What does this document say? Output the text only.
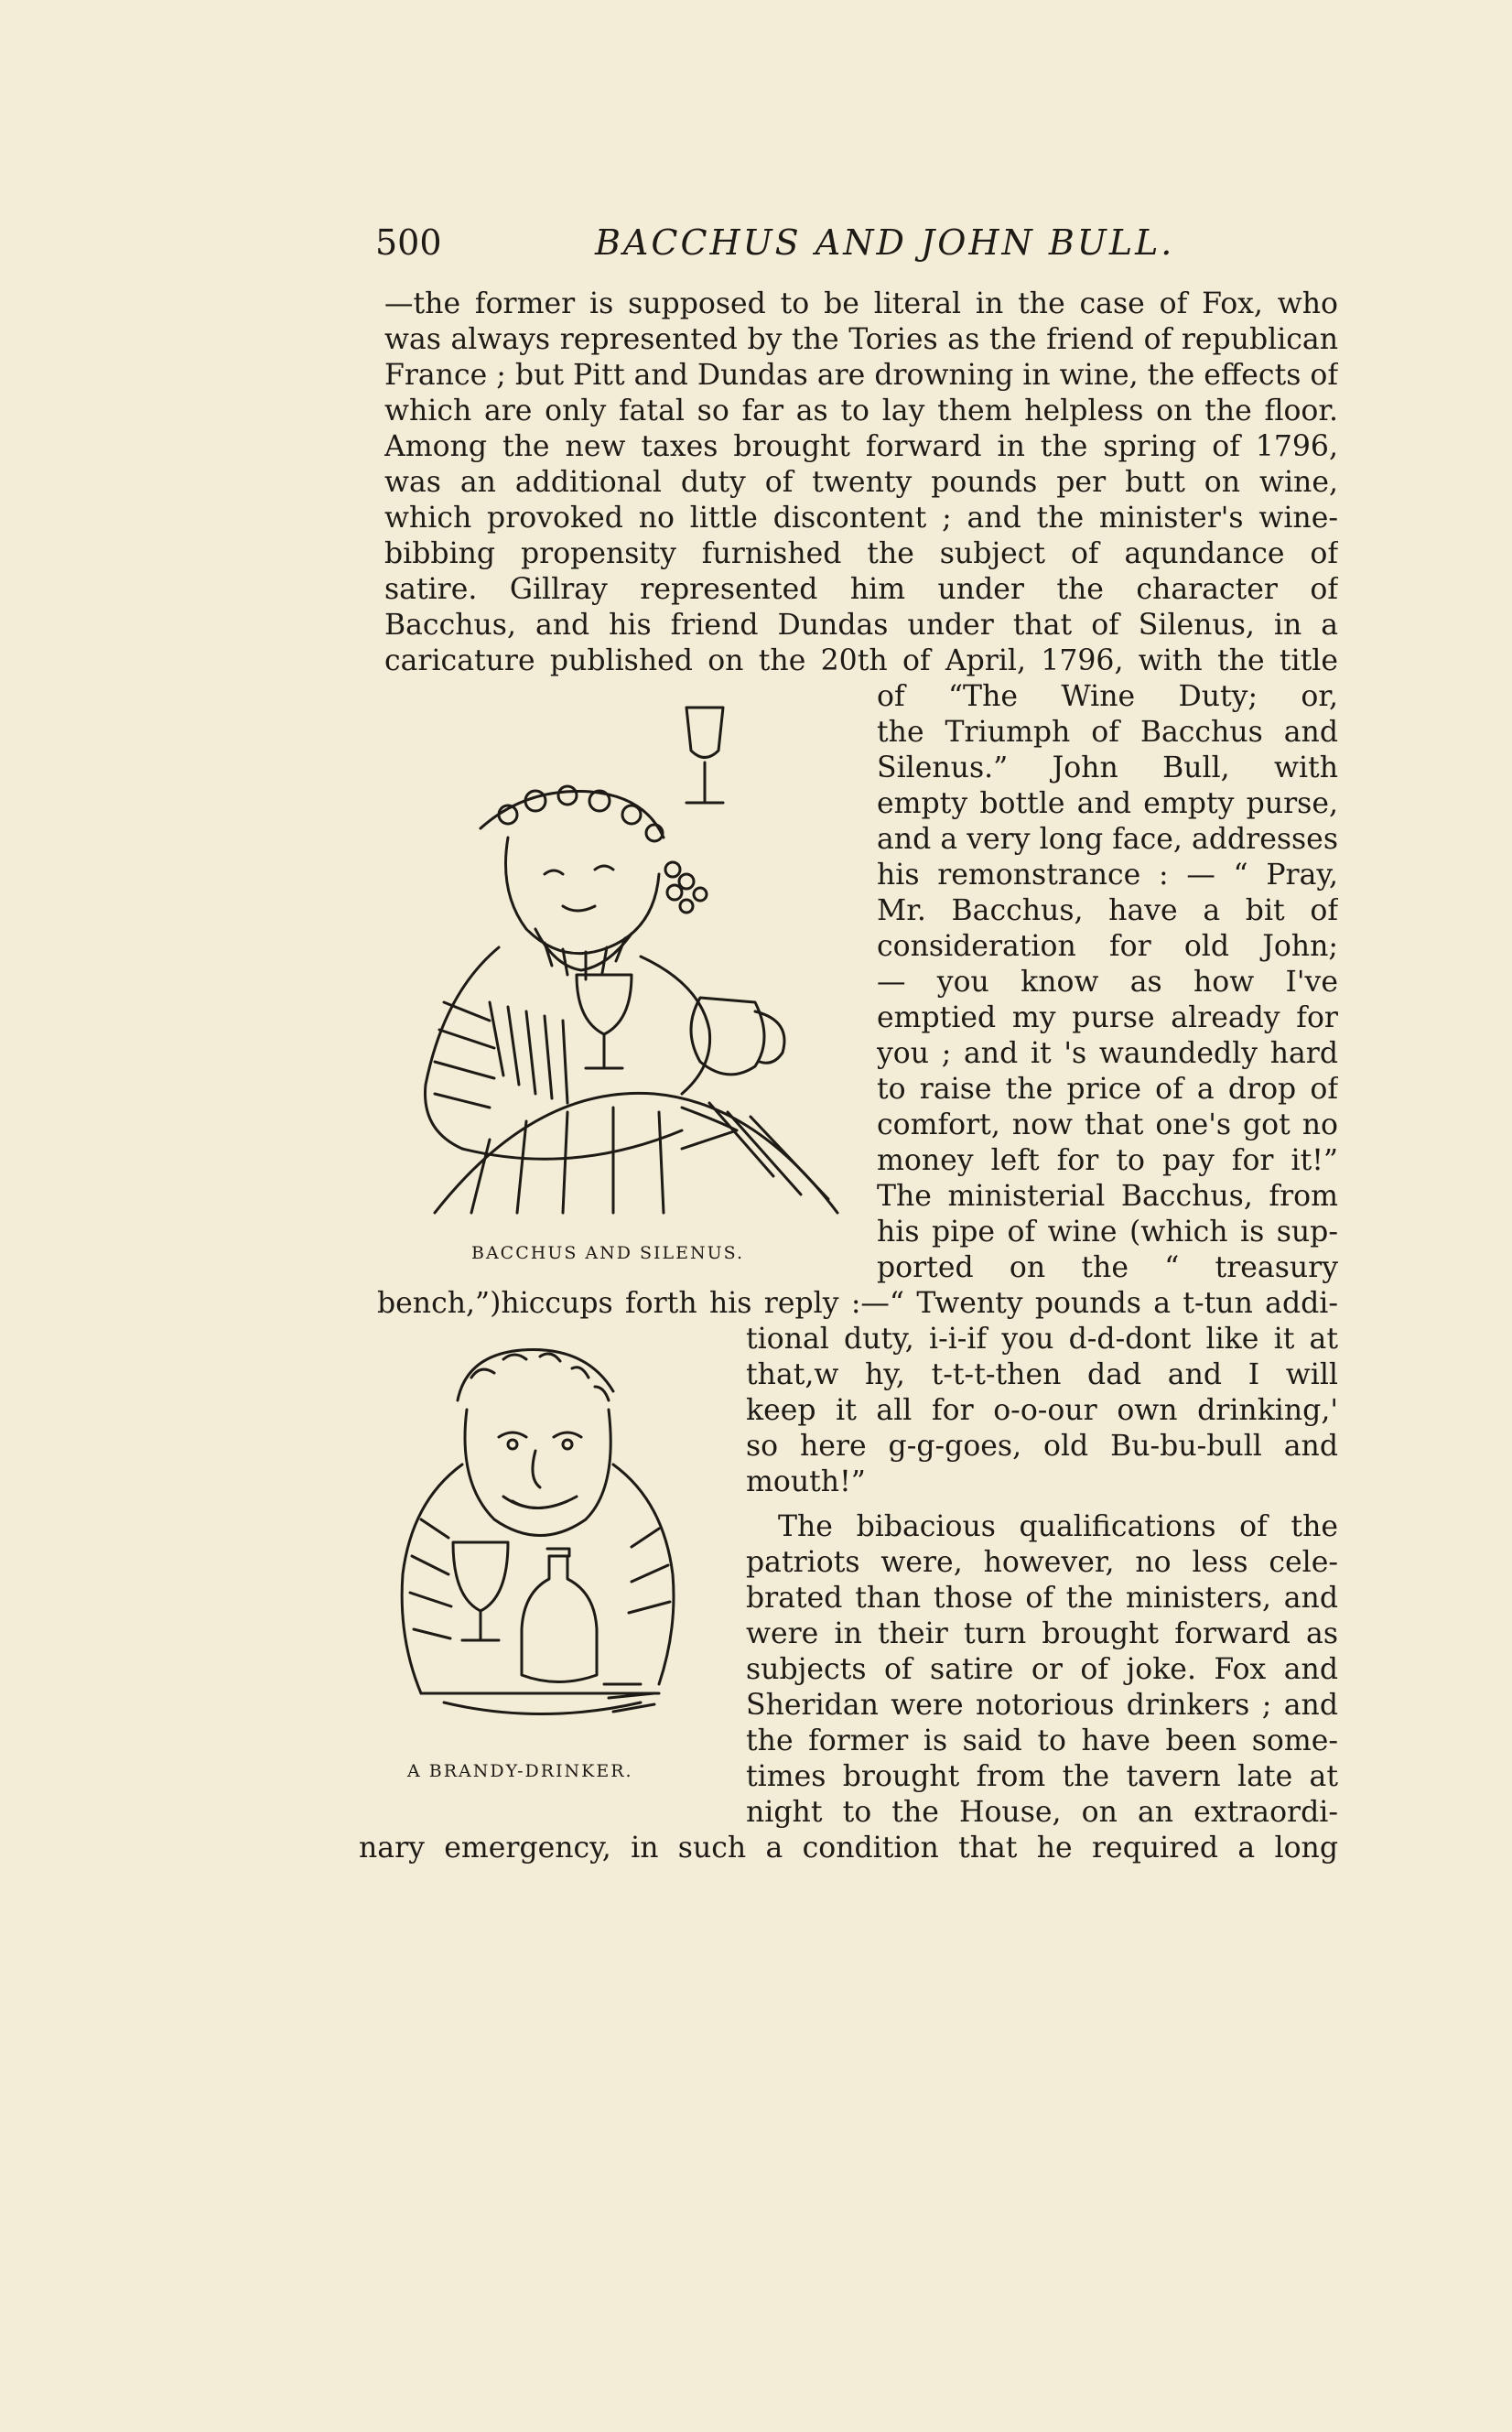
500	BACCHUS AND JOHN BULL.
—the former is supposed to be literal in the case of Fox, who
was always represented by the Tories as the friend of republican
France ; but Pitt and Dundas are drowning in wine, the effects of
which are only fatal so far as to lay them helpless on the floor.
Among the new taxes brought forward in the spring of 1796,
was an additional duty of twenty pounds per butt on wine,
which provoked no little discontent ; and the minister's wine-
bibbing propensity furnished the subject of aqundance of
satire. Gillray represented him under the character of
Bacchus, and his friend Dundas under that of Silenus, in a
caricature published on the 20th of April, 1796, with the title
of “The Wine Duty; or,
the Triumph of Bacchus and
Silenus.” John Bull, with
empty bottle and empty purse,
and a very long face, addresses
his remonstrance : — “ Pray,
Mr. Bacchus, have a bit of
consideration for old John;
— you know as how I've
emptied my purse already for
you ; and it 's waundedly hard
to raise the price of a drop of
comfort, now that one's got no
money left for to pay for it!”
The ministerial Bacchus, from
his pipe of wine (which is sup-
ported on the “ treasury
bench,”)hiccups forth his reply :—“ Twenty pounds a t-tun addi-
tional duty, i-i-if you d-d-dont like it at
that,w hy, t-t-t-then dad and I will
keep it all for o-o-our own drinking,'
so here g-g-goes, old Bu-bu-bull and
mouth!”
The bibacious qualifications of the
patriots were, however, no less cele-
brated than those of the ministers, and
were in their turn brought forward as
subjects of satire or of joke. Fox and
Sheridan were notorious drinkers ; and
the former is said to have been some-
times brought from the tavern late at
night to the House, on an extraordi-
nary emergency, in such a condition that he required a long
BACCHUS AND SILENUS.
A BRANDY-DRINKER.
